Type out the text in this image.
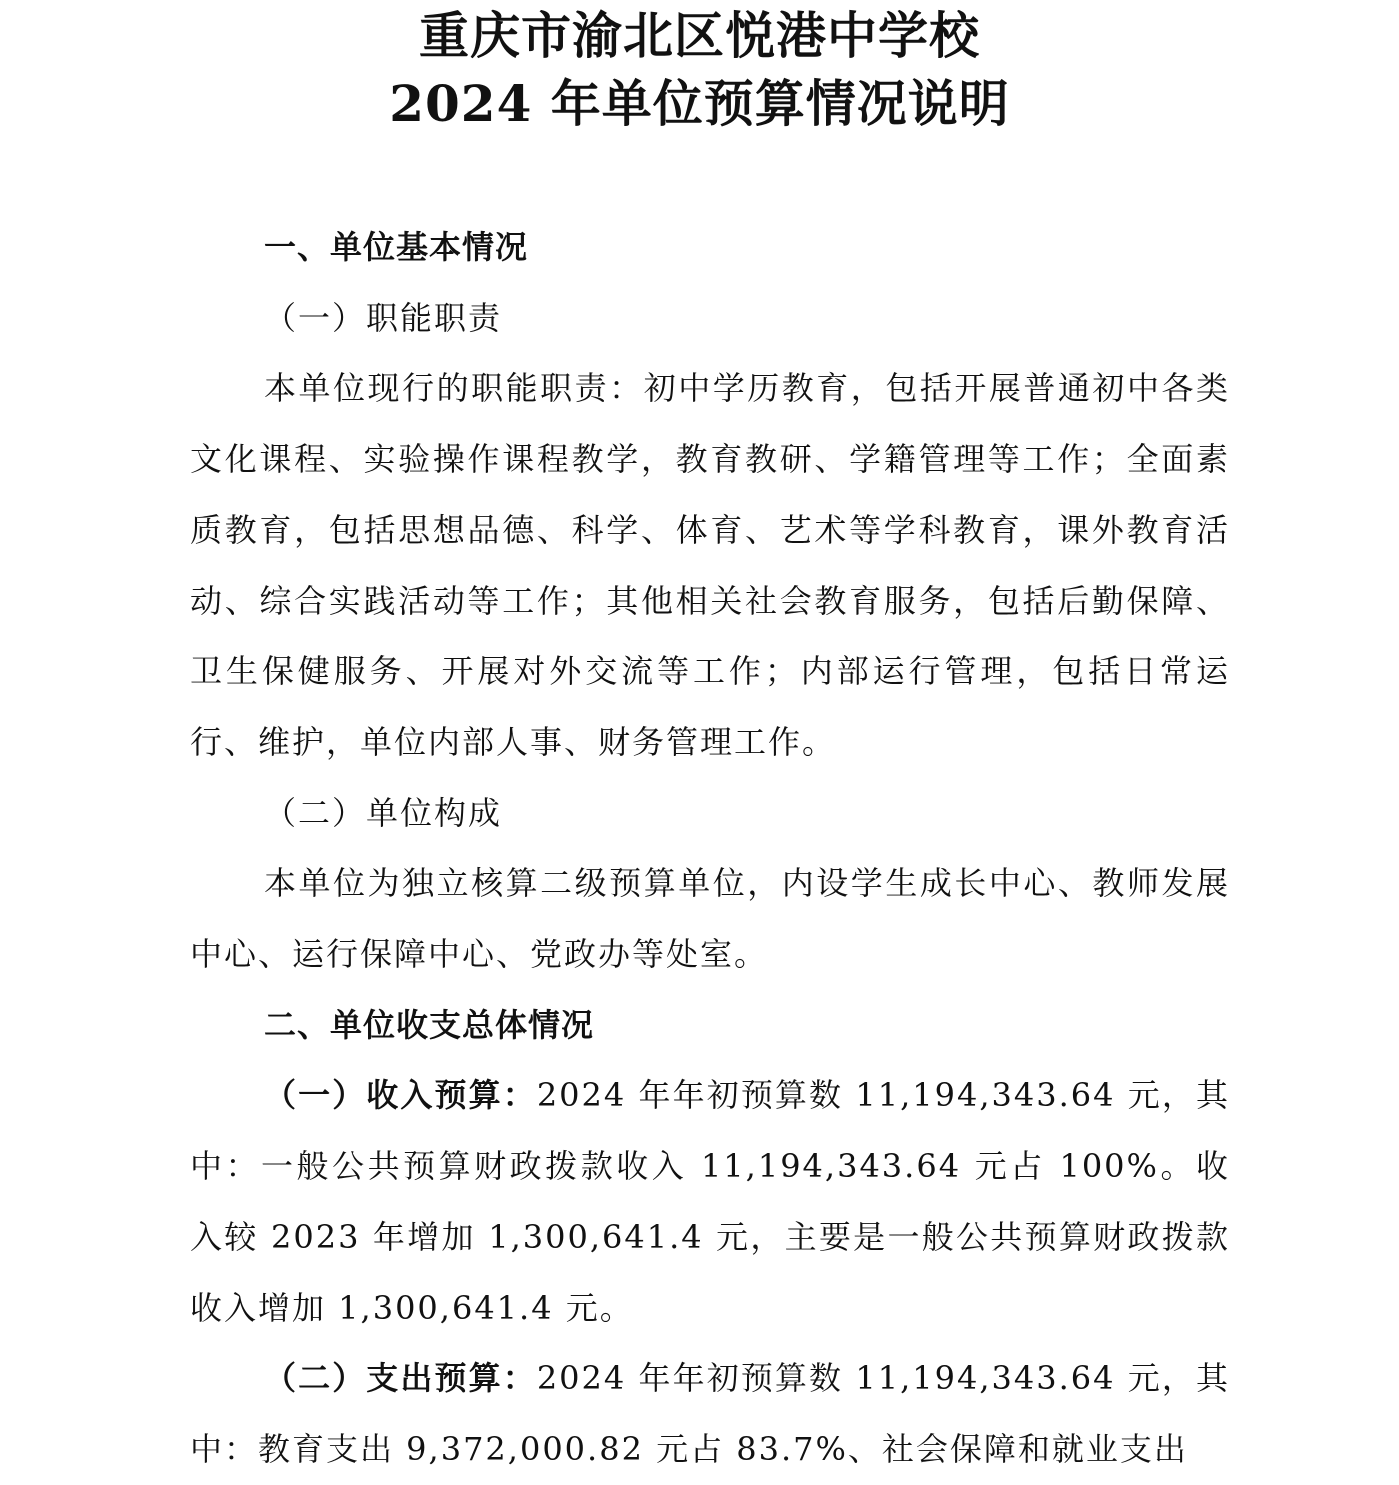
重庆市渝北区悦港中学校
2024 年单位预算情况说明

一、单位基本情况

（一）职能职责

本单位现行的职能职责：初中学历教育，包括开展普通初中各类文化课程、实验操作课程教学，教育教研、学籍管理等工作；全面素质教育，包括思想品德、科学、体育、艺术等学科教育，课外教育活动、综合实践活动等工作；其他相关社会教育服务，包括后勤保障、卫生保健服务、开展对外交流等工作；内部运行管理，包括日常运行、维护，单位内部人事、财务管理工作。

（二）单位构成

本单位为独立核算二级预算单位，内设学生成长中心、教师发展中心、运行保障中心、党政办等处室。

二、单位收支总体情况

（一）收入预算：2024 年年初预算数 11,194,343.64 元，其中：一般公共预算财政拨款收入 11,194,343.64 元占 100%。收入较 2023 年增加 1,300,641.4 元，主要是一般公共预算财政拨款收入增加 1,300,641.4 元。

（二）支出预算：2024 年年初预算数 11,194,343.64 元，其中：教育支出 9,372,000.82 元占 83.7%、社会保障和就业支出
